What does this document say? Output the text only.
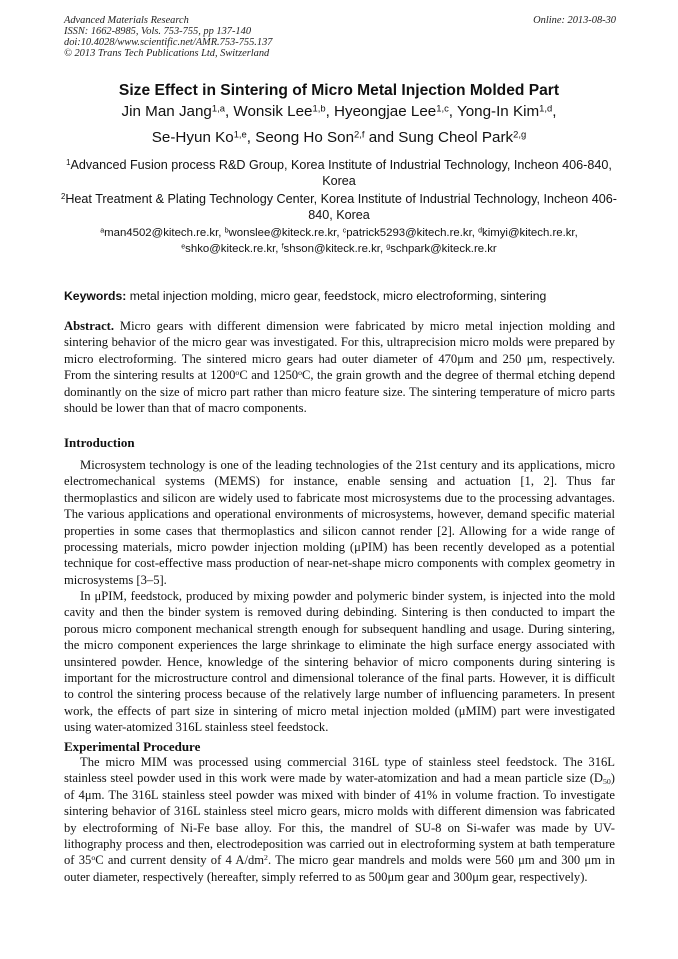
Advanced Materials Research
ISSN: 1662-8985, Vols. 753-755, pp 137-140
doi:10.4028/www.scientific.net/AMR.753-755.137
© 2013 Trans Tech Publications Ltd, Switzerland
Online: 2013-08-30
Size Effect in Sintering of Micro Metal Injection Molded Part
Jin Man Jang$^{1,a}$, Wonsik Lee$^{1,b}$, Hyeongjae Lee$^{1,c}$, Yong-In Kim$^{1,d}$,
Se-Hyun Ko$^{1,e}$, Seong Ho Son$^{2,f}$ and Sung Cheol Park$^{2,g}$
$^1$Advanced Fusion process R&D Group, Korea Institute of Industrial Technology, Incheon 406-840, Korea
$^2$Heat Treatment & Plating Technology Center, Korea Institute of Industrial Technology, Incheon 406-840, Korea
$^a$man4502@kitech.re.kr, $^b$wonslee@kiteck.re.kr, $^c$patrick5293@kitech.re.kr, $^d$kimyi@kitech.re.kr,
$^e$shko@kiteck.re.kr, $^f$shson@kiteck.re.kr, $^g$schpark@kiteck.re.kr
Keywords: metal injection molding, micro gear, feedstock, micro electroforming, sintering
Abstract. Micro gears with different dimension were fabricated by micro metal injection molding and sintering behavior of the micro gear was investigated. For this, ultraprecision micro molds were prepared by micro electroforming. The sintered micro gears had outer diameter of 470μm and 250 μm, respectively. From the sintering results at 1200$^o$C and 1250$^o$C, the grain growth and the degree of thermal etching depend dominantly on the size of micro part rather than micro feature size. The sintering temperature of micro parts should be lower than that of macro components.
Introduction
Microsystem technology is one of the leading technologies of the 21st century and its applications, micro electromechanical systems (MEMS) for instance, enable sensing and actuation [1, 2]. Thus far thermoplastics and silicon are widely used to fabricate most microsystems due to the processing advantages. The various applications and operational environments of microsystems, however, demand specific material properties in some cases that thermoplastics and silicon cannot render [2]. Allowing for a wide range of processing materials, micro powder injection molding (μPIM) has been recently developed as a potential technique for cost-effective mass production of near-net-shape micro components with complex geometry in microsystems [3–5].
In μPIM, feedstock, produced by mixing powder and polymeric binder system, is injected into the mold cavity and then the binder system is removed during debinding. Sintering is then conducted to impart the porous micro component mechanical strength enough for subsequent handling and usage. During sintering, the micro component experiences the large shrinkage to eliminate the high surface energy associated with unsintered powder. Hence, knowledge of the sintering behavior of micro components during sintering is important for the microstructure control and dimensional tolerance of the final parts. However, it is difficult to control the sintering process because of the relatively large number of influencing parameters. In present work, the effects of part size in sintering of micro metal injection molded (μMIM) part were investigated using water-atomized 316L stainless steel feedstock.
Experimental Procedure
The micro MIM was processed using commercial 316L type of stainless steel feedstock. The 316L stainless steel powder used in this work were made by water-atomization and had a mean particle size $(D_{50})$ of 4μm. The 316L stainless steel powder was mixed with binder of 41% in volume fraction. To investigate sintering behavior of 316L stainless steel micro gears, micro molds with different dimension was fabricated by electroforming of Ni-Fe base alloy. For this, the mandrel of SU-8 on Si-wafer was made by UV-lithography process and then, electrodeposition was carried out in electroforming system at bath temperature of 35$^o$C and current density of 4 $A/dm^2$. The micro gear mandrels and molds were 560 μm and 300 μm in outer diameter, respectively (hereafter, simply referred to as 500μm gear and 300μm gear, respectively).
